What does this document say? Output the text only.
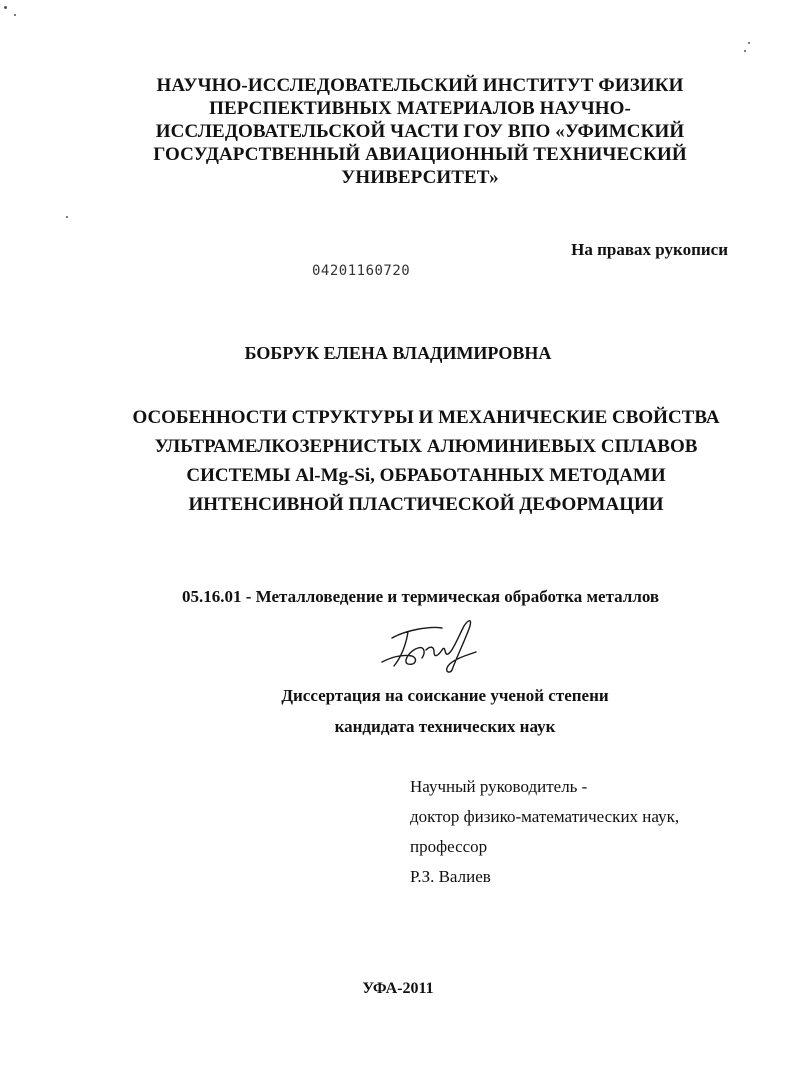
НАУЧНО-ИССЛЕДОВАТЕЛЬСКИЙ ИНСТИТУТ ФИЗИКИ
ПЕРСПЕКТИВНЫХ МАТЕРИАЛОВ НАУЧНО-
ИССЛЕДОВАТЕЛЬСКОЙ ЧАСТИ ГОУ ВПО «УФИМСКИЙ
ГОСУДАРСТВЕННЫЙ АВИАЦИОННЫЙ ТЕХНИЧЕСКИЙ
УНИВЕРСИТЕТ»
На правах рукописи
04201160720
БОБРУК ЕЛЕНА ВЛАДИМИРОВНА
ОСОБЕННОСТИ СТРУКТУРЫ И МЕХАНИЧЕСКИЕ СВОЙСТВА
УЛЬТРАМЕЛКОЗЕРНИСТЫХ АЛЮМИНИЕВЫХ СПЛАВОВ
СИСТЕМЫ Al-Mg-Si, ОБРАБОТАННЫХ МЕТОДАМИ
ИНТЕНСИВНОЙ ПЛАСТИЧЕСКОЙ ДЕФОРМАЦИИ
05.16.01 - Металловедение и термическая обработка металлов
Диссертация на соискание ученой степени
кандидата технических наук
Научный руководитель -
доктор физико-математических наук,
профессор
Р.З. Валиев
УФА-2011
